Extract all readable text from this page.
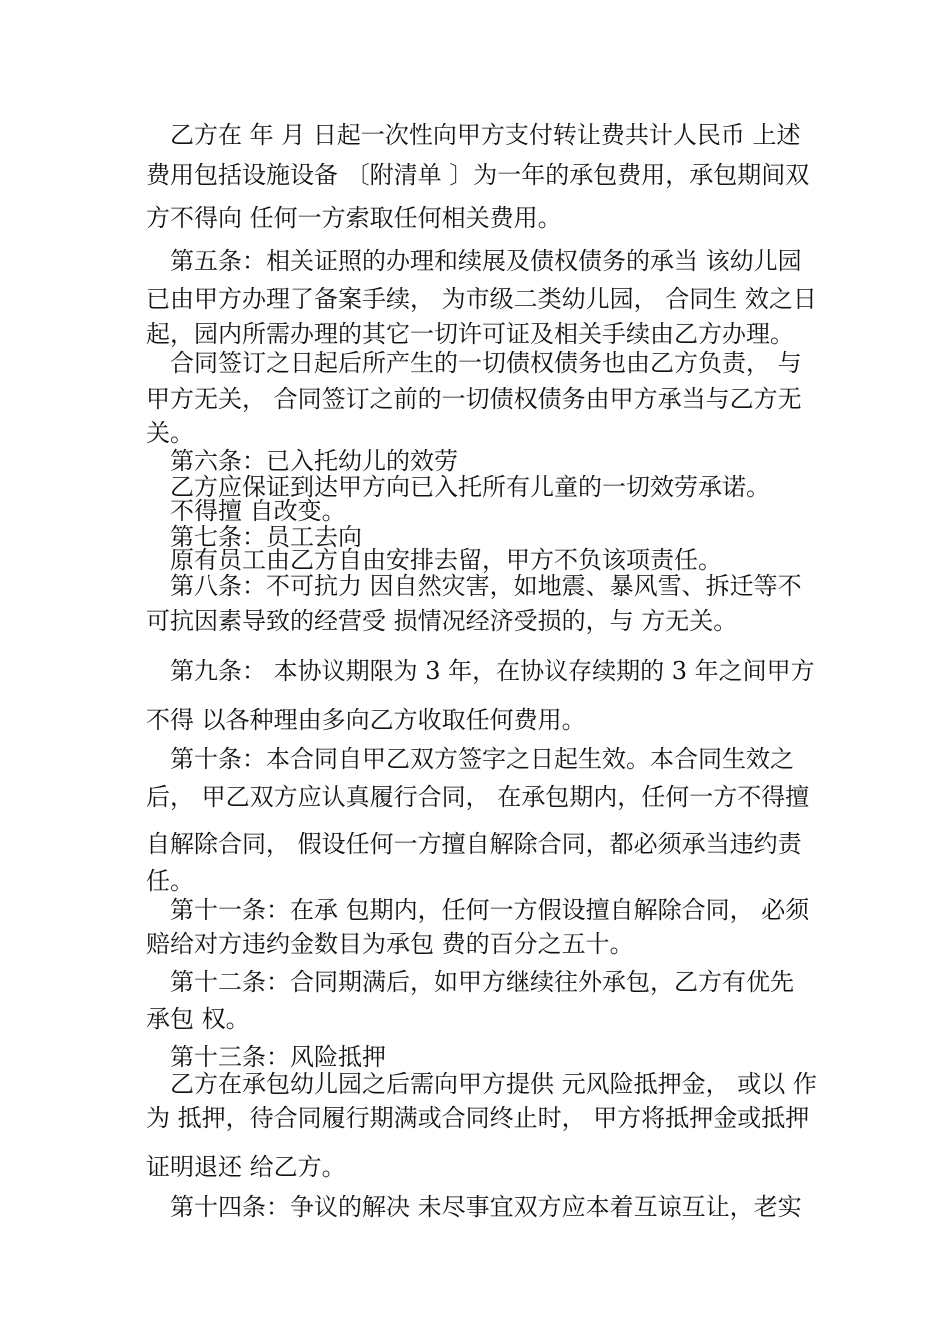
乙方在 年 月 日起一次性向甲方支付转让费共计人民币 上述
费用包括设施设备 〔附清单 〕为一年的承包费用，承包期间双
方不得向 任何一方索取任何相关费用。
第五条：相关证照的办理和续展及债权债务的承当 该幼儿园
已由甲方办理了备案手续， 为市级二类幼儿园， 合同生 效之日
起，园内所需办理的其它一切许可证及相关手续由乙方办理。
合同签订之日起后所产生的一切债权债务也由乙方负责， 与
甲方无关， 合同签订之前的一切债权债务由甲方承当与乙方无
关。
第六条：已入托幼儿的效劳
乙方应保证到达甲方向已入托所有儿童的一切效劳承诺。
不得擅 自改变。
第七条：员工去向
原有员工由乙方自由安排去留，甲方不负该项责任。
第八条：不可抗力 因自然灾害，如地震、暴风雪、拆迁等不
可抗因素导致的经营受 损情况经济受损的，与 方无关。
第九条： 本协议期限为 3 年，在协议存续期的 3 年之间甲方
不得 以各种理由多向乙方收取任何费用。
第十条：本合同自甲乙双方签字之日起生效。本合同生效之
后， 甲乙双方应认真履行合同， 在承包期内，任何一方不得擅
自解除合同， 假设任何一方擅自解除合同，都必须承当违约责
任。
第十一条：在承 包期内，任何一方假设擅自解除合同， 必须
赔给对方违约金数目为承包 费的百分之五十。
第十二条：合同期满后，如甲方继续往外承包，乙方有优先
承包 权。
第十三条：风险抵押
乙方在承包幼儿园之后需向甲方提供 元风险抵押金， 或以 作
为 抵押，待合同履行期满或合同终止时， 甲方将抵押金或抵押
证明退还 给乙方。
第十四条：争议的解决 未尽事宜双方应本着互谅互让，老实
